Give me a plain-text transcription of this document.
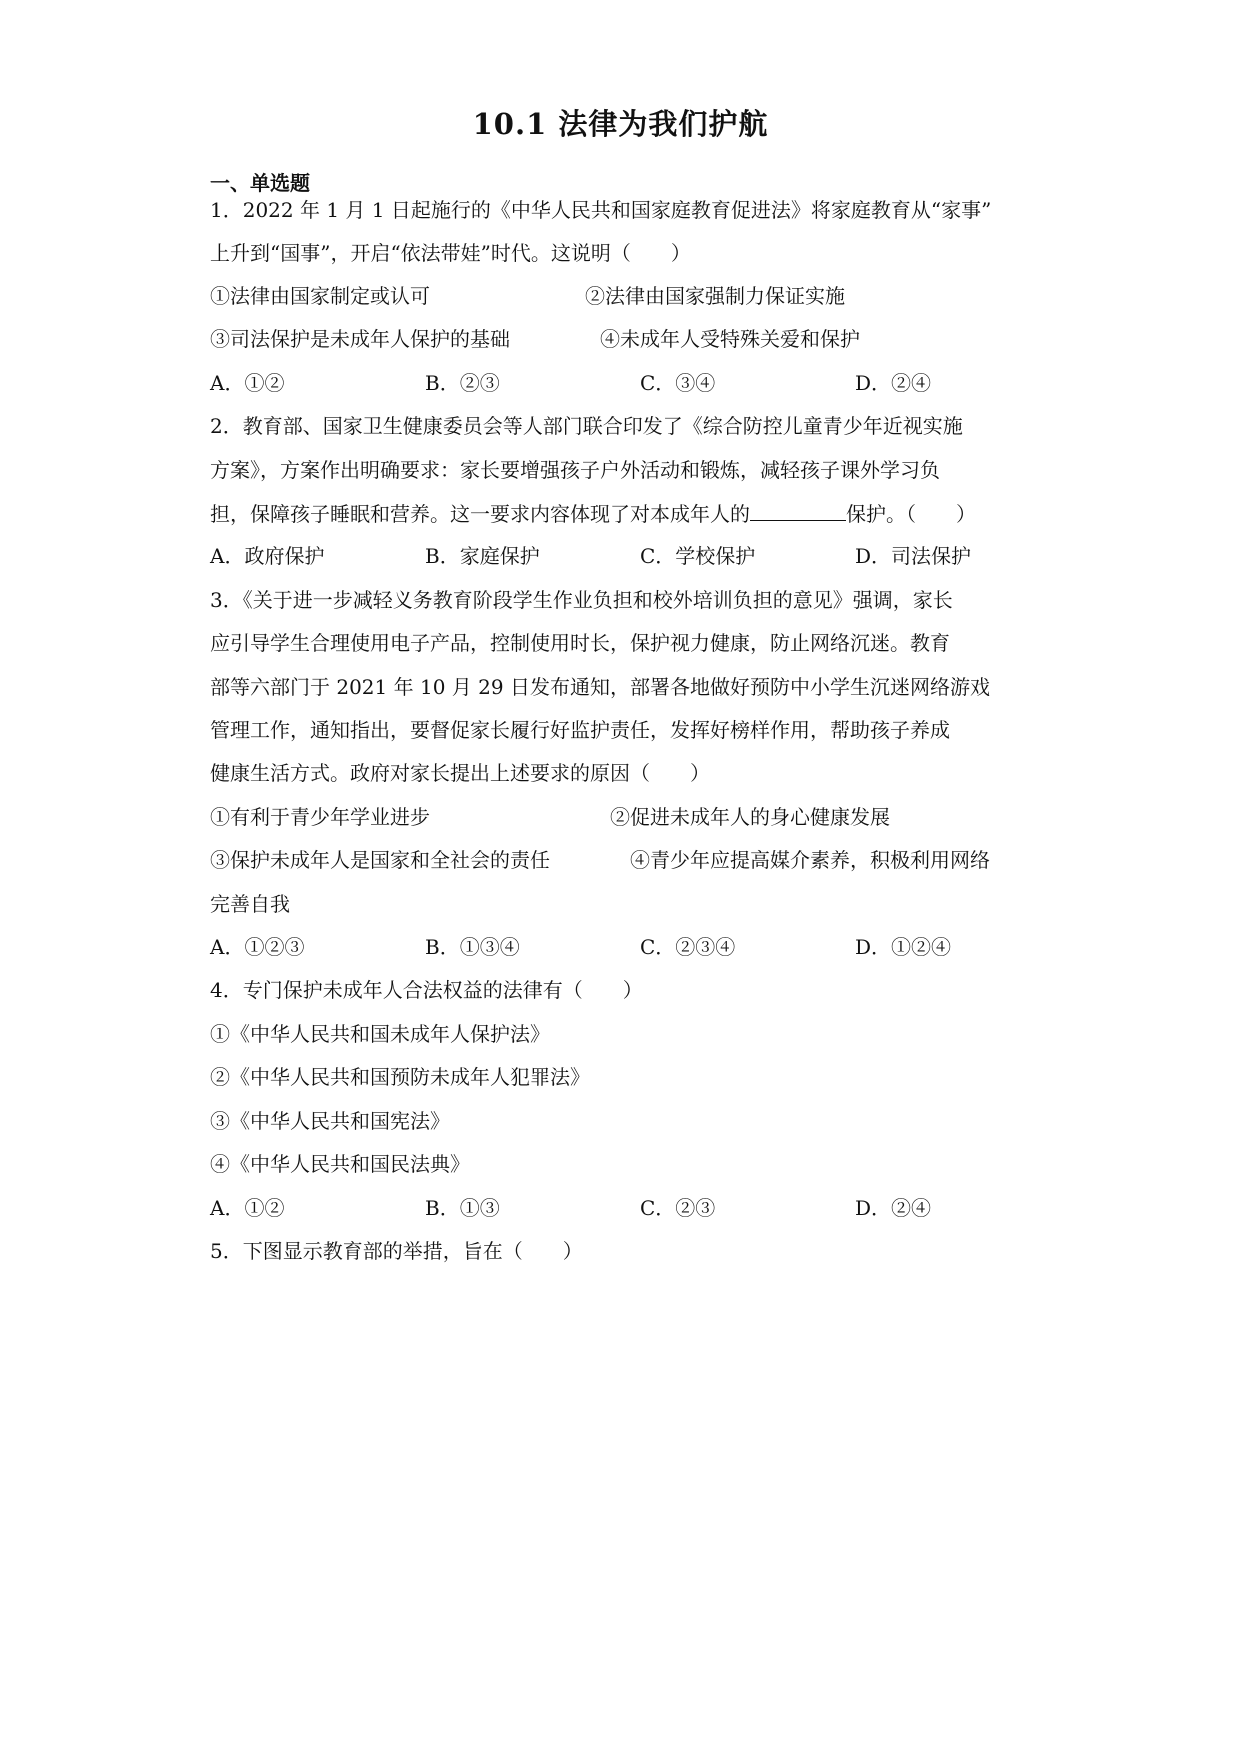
10.1 法律为我们护航
一、单选题
1．2022 年 1 月 1 日起施行的《中华人民共和国家庭教育促进法》将家庭教育从“家事”
上升到“国事”，开启“依法带娃”时代。这说明（　　）
①法律由国家制定或认可	②法律由国家强制力保证实施
③司法保护是未成年人保护的基础	④未成年人受特殊关爱和保护
A．①②	B．②③	C．③④	D．②④
2．教育部、国家卫生健康委员会等人部门联合印发了《综合防控儿童青少年近视实施
方案》，方案作出明确要求：家长要增强孩子户外活动和锻炼，减轻孩子课外学习负
担，保障孩子睡眠和营养。这一要求内容体现了对本成年人的	保护。（　　）
A．政府保护	B．家庭保护	C．学校保护	D．司法保护
3．《关于进一步减轻义务教育阶段学生作业负担和校外培训负担的意见》强调，家长
应引导学生合理使用电子产品，控制使用时长，保护视力健康，防止网络沉迷。教育
部等六部门于 2021 年 10 月 29 日发布通知，部署各地做好预防中小学生沉迷网络游戏
管理工作，通知指出，要督促家长履行好监护责任，发挥好榜样作用，帮助孩子养成
健康生活方式。政府对家长提出上述要求的原因（　　）
①有利于青少年学业进步	②促进未成年人的身心健康发展
③保护未成年人是国家和全社会的责任	④青少年应提高媒介素养，积极利用网络
完善自我
A．①②③	B．①③④	C．②③④	D．①②④
4．专门保护未成年人合法权益的法律有（　　）
①《中华人民共和国未成年人保护法》
②《中华人民共和国预防未成年人犯罪法》
③《中华人民共和国宪法》
④《中华人民共和国民法典》
A．①②	B．①③	C．②③	D．②④
5．下图显示教育部的举措，旨在（　　）
